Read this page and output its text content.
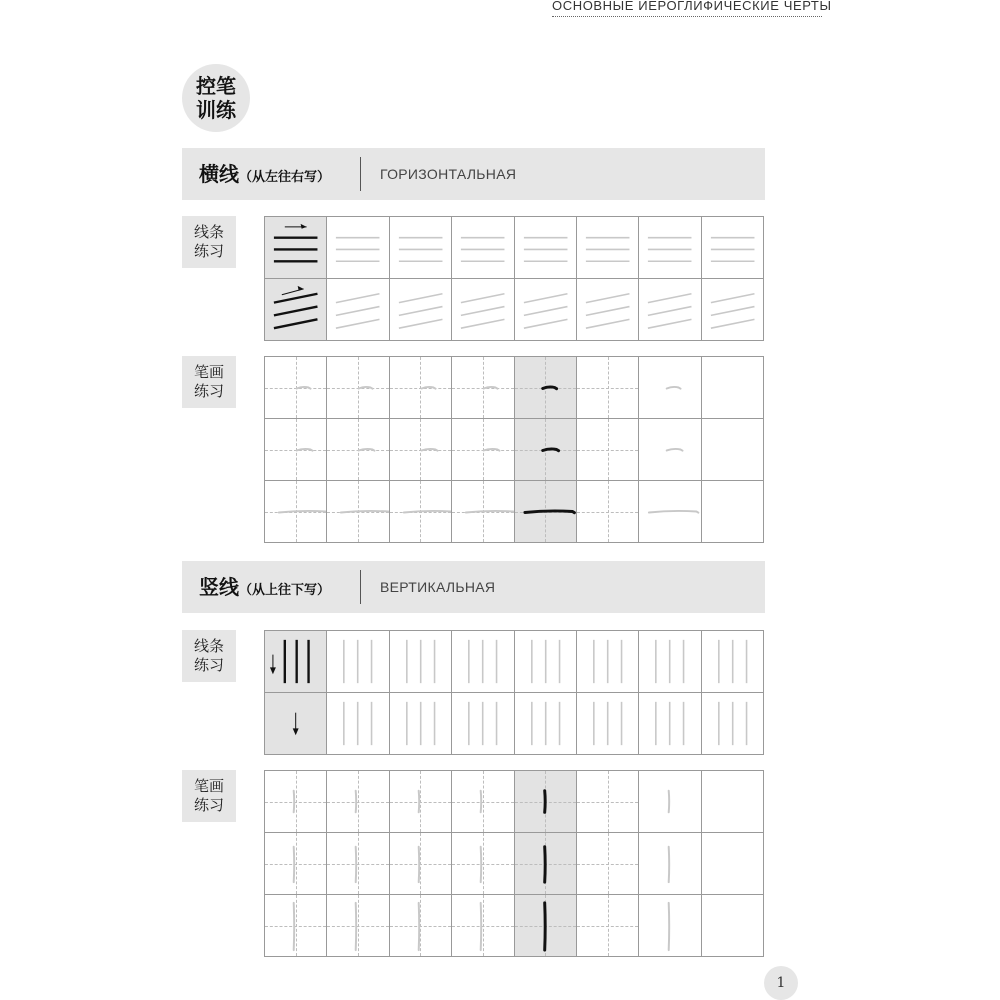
ОСНОВНЫЕ ИЕРОГЛИФИЧЕСКИЕ ЧЕРТЫ
控笔
训练
横线（从左往右写）	ГОРИЗОНТАЛЬНАЯ
线条
练习
笔画
练习
竖线（从上往下写）	ВЕРТИКАЛЬНАЯ
线条
练习
笔画
练习
1
